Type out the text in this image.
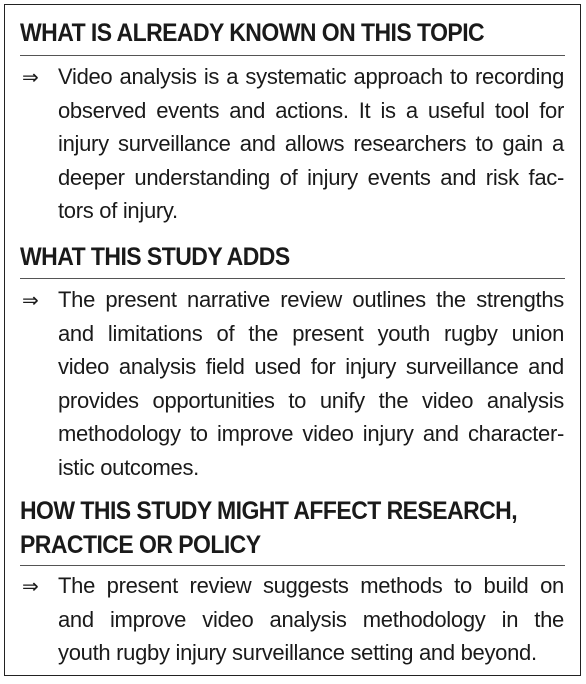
WHAT IS ALREADY KNOWN ON THIS TOPIC
⇒ Video analysis is a systematic approach to recording
observed events and actions. It is a useful tool for
injury surveillance and allows researchers to gain a
deeper understanding of injury events and risk fac-
tors of injury.
WHAT THIS STUDY ADDS
⇒ The present narrative review outlines the strengths
and limitations of the present youth rugby union
video analysis field used for injury surveillance and
provides opportunities to unify the video analysis
methodology to improve video injury and character-
istic outcomes.
HOW THIS STUDY MIGHT AFFECT RESEARCH,
PRACTICE OR POLICY
⇒ The present review suggests methods to build on
and improve video analysis methodology in the
youth rugby injury surveillance setting and beyond.
